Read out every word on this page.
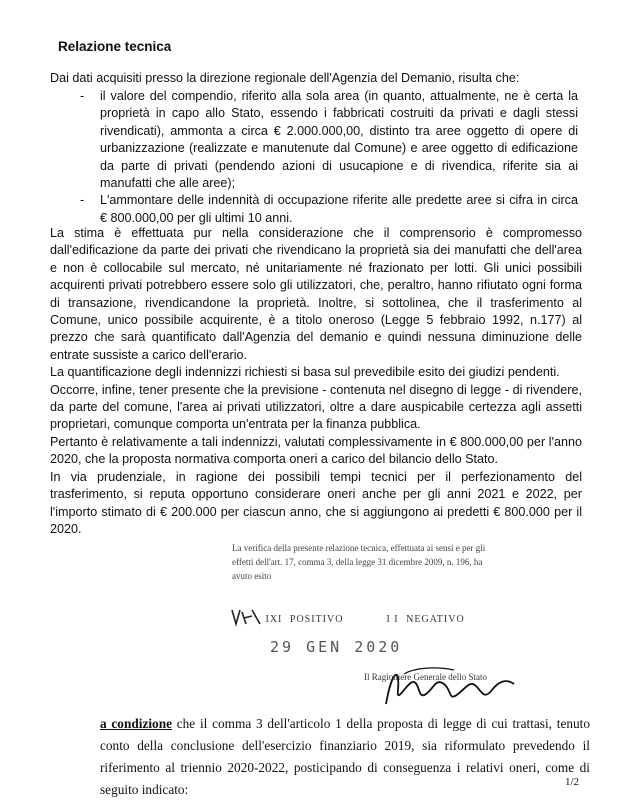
Relazione tecnica
Dai dati acquisiti presso la direzione regionale dell'Agenzia del Demanio, risulta che:
- il valore del compendio, riferito alla sola area (in quanto, attualmente, ne è certa la proprietà in capo allo Stato, essendo i fabbricati costruiti da privati e dagli stessi rivendicati), ammonta a circa € 2.000.000,00, distinto tra aree oggetto di opere di urbanizzazione (realizzate e manutenute dal Comune) e aree oggetto di edificazione da parte di privati (pendendo azioni di usucapione e di rivendica, riferite sia ai manufatti che alle aree);
- L'ammontare delle indennità di occupazione riferite alle predette aree si cifra in circa € 800.000,00 per gli ultimi 10 anni.

La stima è effettuata pur nella considerazione che il comprensorio è compromesso dall'edificazione da parte dei privati che rivendicano la proprietà sia dei manufatti che dell'area e non è collocabile sul mercato, né unitariamente né frazionato per lotti. Gli unici possibili acquirenti privati potrebbero essere solo gli utilizzatori, che, peraltro, hanno rifiutato ogni forma di transazione, rivendicandone la proprietà. Inoltre, si sottolinea, che il trasferimento al Comune, unico possibile acquirente, è a titolo oneroso (Legge 5 febbraio 1992, n.177) al prezzo che sarà quantificato dall'Agenzia del demanio e quindi nessuna diminuzione delle entrate sussiste a carico dell'erario.

La quantificazione degli indennizzi richiesti si basa sul prevedibile esito dei giudizi pendenti.

Occorre, infine, tener presente che la previsione - contenuta nel disegno di legge - di rivendere, da parte del comune, l'area ai privati utilizzatori, oltre a dare auspicabile certezza agli assetti proprietari, comunque comporta un'entrata per la finanza pubblica.

Pertanto è relativamente a tali indennizzi, valutati complessivamente in € 800.000,00 per l'anno 2020, che la proposta normativa comporta oneri a carico del bilancio dello Stato.

In via prudenziale, in ragione dei possibili tempi tecnici per il perfezionamento del trasferimento, si reputa opportuno considerare oneri anche per gli anni 2021 e 2022, per l'importo stimato di € 200.000 per ciascun anno, che si aggiungono ai predetti € 800.000 per il 2020.

La verifica della presente relazione tecnica, effettuata ai sensi e per gli
effetti dell'art. 17, comma 3, della legge 31 dicembre 2009, n. 196, ha
avuto esito
IXI POSITIVO	I I NEGATIVO
29 GEN 2020
Il Ragioniere Generale dello Stato
a condizione che il comma 3 dell'articolo 1 della proposta di legge di cui trattasi, tenuto conto della conclusione dell'esercizio finanziario 2019, sia riformulato prevedendo il riferimento al triennio 2020-2022, posticipando di conseguenza i relativi oneri, come di seguito indicato:	1/2
